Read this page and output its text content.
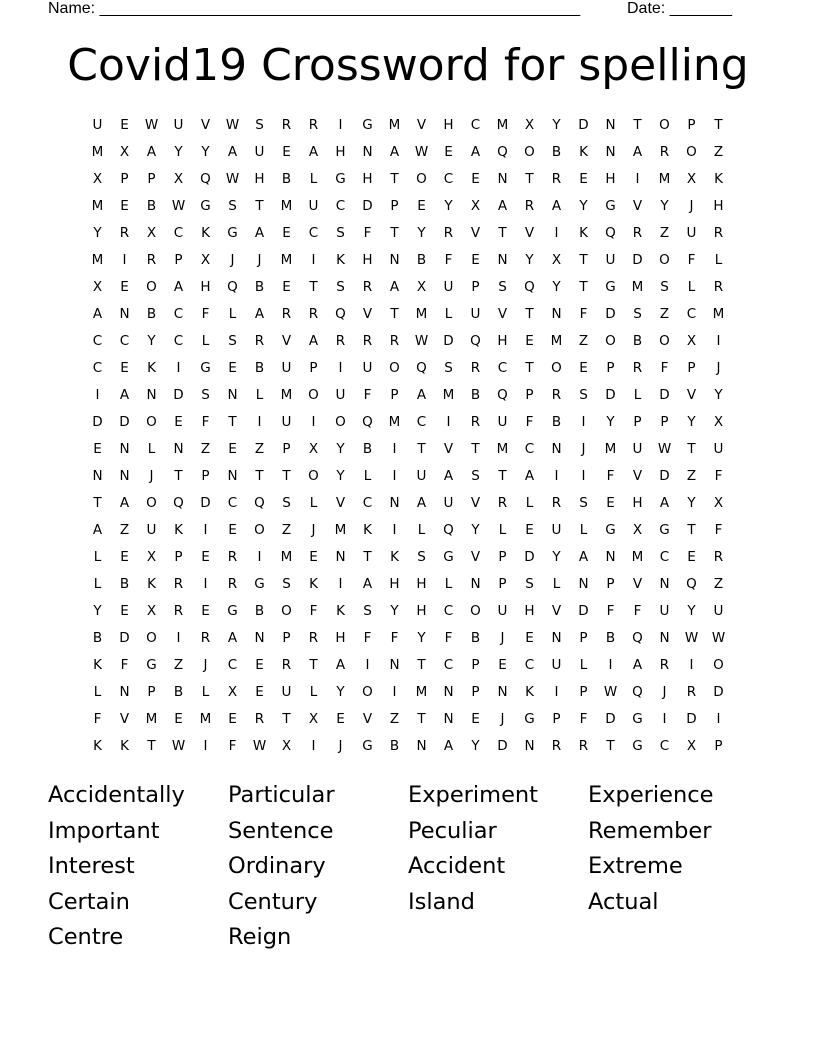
Name: ______________________________________________________	Date: _______
Covid19 Crossword for spelling
U	E	W	U	V	W	S	R	R	I	G	M	V	H	C	M	X	Y	D	N	T	O	P	T
M	X	A	Y	Y	A	U	E	A	H	N	A	W	E	A	Q	O	B	K	N	A	R	O	Z
X	P	P	X	Q	W	H	B	L	G	H	T	O	C	E	N	T	R	E	H	I	M	X	K
M	E	B	W	G	S	T	M	U	C	D	P	E	Y	X	A	R	A	Y	G	V	Y	J	H
Y	R	X	C	K	G	A	E	C	S	F	T	Y	R	V	T	V	I	K	Q	R	Z	U	R
M	I	R	P	X	J	J	M	I	K	H	N	B	F	E	N	Y	X	T	U	D	O	F	L
X	E	O	A	H	Q	B	E	T	S	R	A	X	U	P	S	Q	Y	T	G	M	S	L	R
A	N	B	C	F	L	A	R	R	Q	V	T	M	L	U	V	T	N	F	D	S	Z	C	M
C	C	Y	C	L	S	R	V	A	R	R	R	W	D	Q	H	E	M	Z	O	B	O	X	I
C	E	K	I	G	E	B	U	P	I	U	O	Q	S	R	C	T	O	E	P	R	F	P	J
I	A	N	D	S	N	L	M	O	U	F	P	A	M	B	Q	P	R	S	D	L	D	V	Y
D	D	O	E	F	T	I	U	I	O	Q	M	C	I	R	U	F	B	I	Y	P	P	Y	X
E	N	L	N	Z	E	Z	P	X	Y	B	I	T	V	T	M	C	N	J	M	U	W	T	U
N	N	J	T	P	N	T	T	O	Y	L	I	U	A	S	T	A	I	I	F	V	D	Z	F
T	A	O	Q	D	C	Q	S	L	V	C	N	A	U	V	R	L	R	S	E	H	A	Y	X
A	Z	U	K	I	E	O	Z	J	M	K	I	L	Q	Y	L	E	U	L	G	X	G	T	F
L	E	X	P	E	R	I	M	E	N	T	K	S	G	V	P	D	Y	A	N	M	C	E	R
L	B	K	R	I	R	G	S	K	I	A	H	H	L	N	P	S	L	N	P	V	N	Q	Z
Y	E	X	R	E	G	B	O	F	K	S	Y	H	C	O	U	H	V	D	F	F	U	Y	U
B	D	O	I	R	A	N	P	R	H	F	F	Y	F	B	J	E	N	P	B	Q	N	W	W
K	F	G	Z	J	C	E	R	T	A	I	N	T	C	P	E	C	U	L	I	A	R	I	O
L	N	P	B	L	X	E	U	L	Y	O	I	M	N	P	N	K	I	P	W	Q	J	R	D
F	V	M	E	M	E	R	T	X	E	V	Z	T	N	E	J	G	P	F	D	G	I	D	I
K	K	T	W	I	F	W	X	I	J	G	B	N	A	Y	D	N	R	R	T	G	C	X	P
Accidentally	Particular	Experiment	Experience
Important	Sentence	Peculiar	Remember
Interest	Ordinary	Accident	Extreme
Certain	Century	Island	Actual
Centre	Reign
